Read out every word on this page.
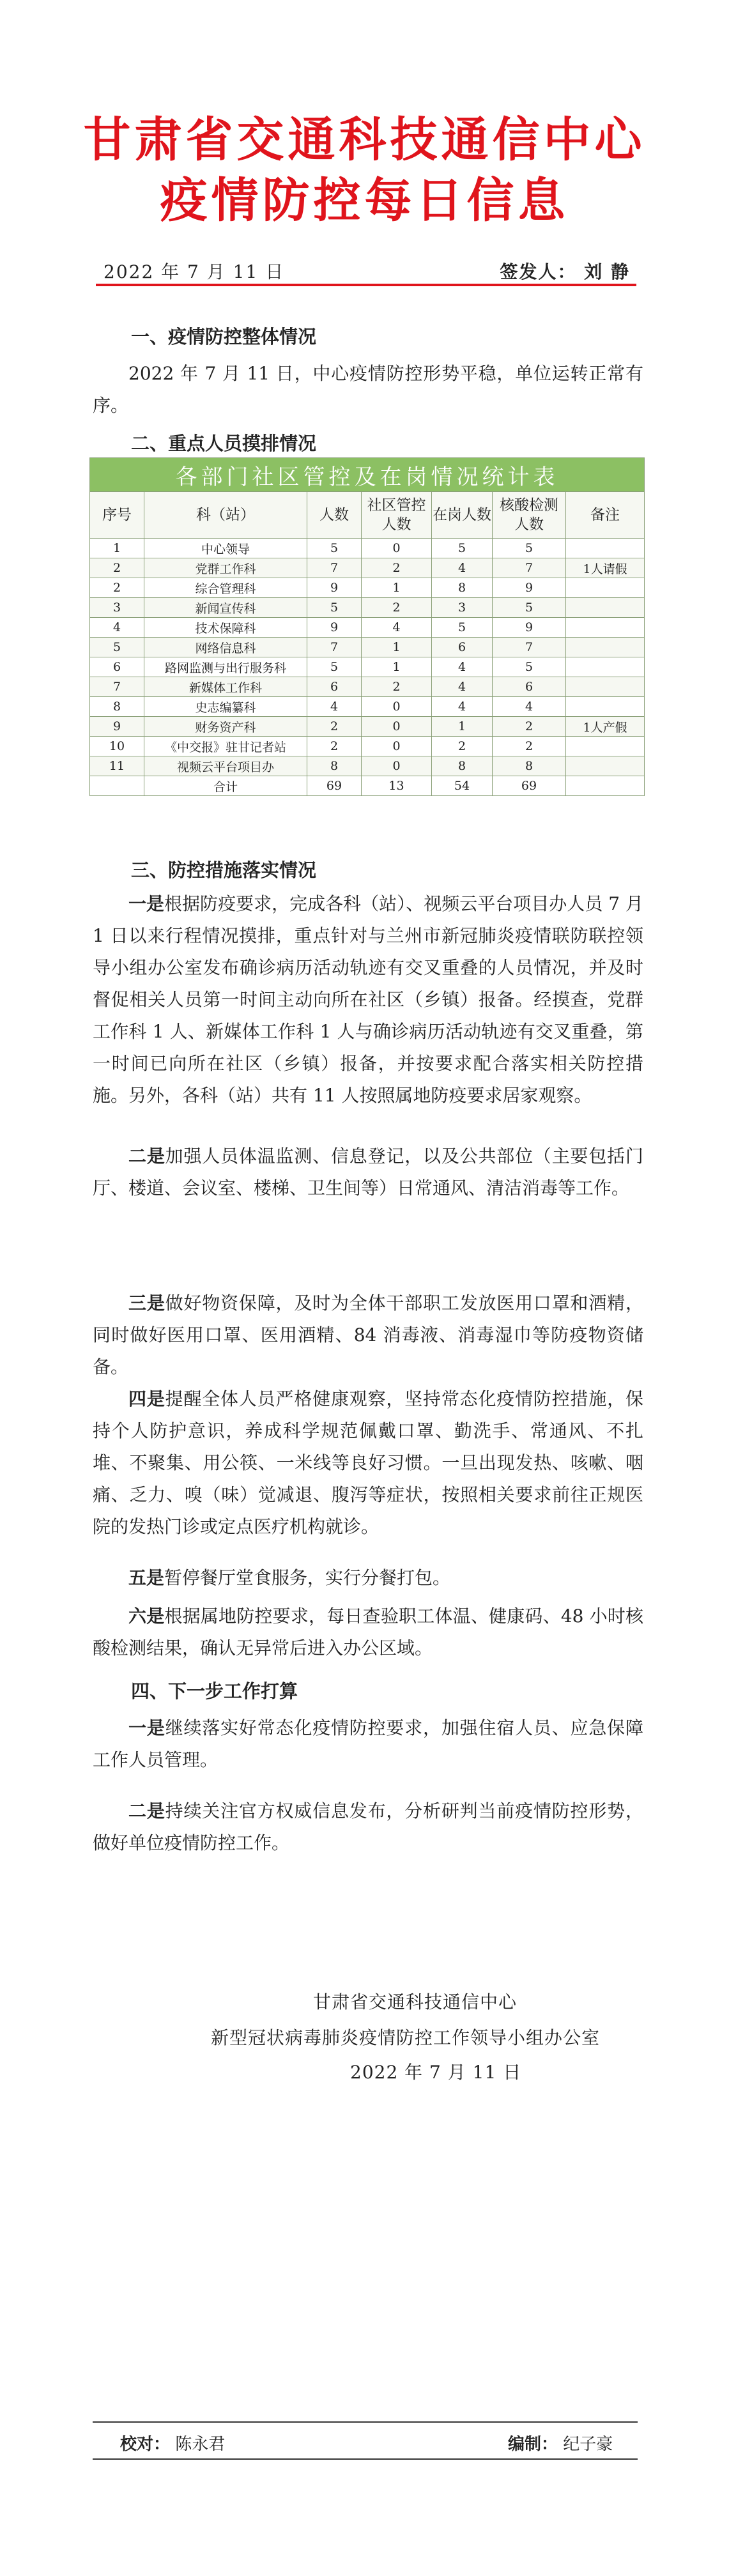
甘肃省交通科技通信中心
疫情防控每日信息
2022 年 7 月 11 日	签发人： 刘 静
一、疫情防控整体情况

2022 年 7 月 11 日，中心疫情防控形势平稳，单位运转正常有序。

二、重点人员摸排情况
各部门社区管控及在岗情况统计表						
序号	科（站）	人数	社区管控人数	在岗人数	核酸检测人数	备注
1	中心领导	5	0	5	5	
2	党群工作科	7	2	4	7	1人请假
2	综合管理科	9	1	8	9	
3	新闻宣传科	5	2	3	5	
4	技术保障科	9	4	5	9	
5	网络信息科	7	1	6	7	
6	路网监测与出行服务科	5	1	4	5	
7	新媒体工作科	6	2	4	6	
8	史志编纂科	4	0	4	4	
9	财务资产科	2	0	1	2	1人产假
10	《中交报》驻甘记者站	2	0	2	2	
11	视频云平台项目办	8	0	8	8	
	合计	69	13	54	69	
三、防控措施落实情况

一是根据防疫要求，完成各科（站）、视频云平台项目办人员 7 月 1 日以来行程情况摸排，重点针对与兰州市新冠肺炎疫情联防联控领导小组办公室发布确诊病历活动轨迹有交叉重叠的人员情况，并及时督促相关人员第一时间主动向所在社区（乡镇）报备。经摸查，党群工作科 1 人、新媒体工作科 1 人与确诊病历活动轨迹有交叉重叠，第一时间已向所在社区（乡镇）报备，并按要求配合落实相关防控措施。另外，各科（站）共有 11 人按照属地防疫要求居家观察。

二是加强人员体温监测、信息登记，以及公共部位（主要包括门厅、楼道、会议室、楼梯、卫生间等）日常通风、清洁消毒等工作。

三是做好物资保障，及时为全体干部职工发放医用口罩和酒精，同时做好医用口罩、医用酒精、84 消毒液、消毒湿巾等防疫物资储备。

四是提醒全体人员严格健康观察，坚持常态化疫情防控措施，保持个人防护意识，养成科学规范佩戴口罩、勤洗手、常通风、不扎堆、不聚集、用公筷、一米线等良好习惯。一旦出现发热、咳嗽、咽痛、乏力、嗅（味）觉减退、腹泻等症状，按照相关要求前往正规医院的发热门诊或定点医疗机构就诊。

五是暂停餐厅堂食服务，实行分餐打包。

六是根据属地防控要求，每日查验职工体温、健康码、48 小时核酸检测结果，确认无异常后进入办公区域。

四、下一步工作打算

一是继续落实好常态化疫情防控要求，加强住宿人员、应急保障工作人员管理。

二是持续关注官方权威信息发布，分析研判当前疫情防控形势，做好单位疫情防控工作。

甘肃省交通科技通信中心
新型冠状病毒肺炎疫情防控工作领导小组办公室
2022 年 7 月 11 日
校对： 陈永君	编制： 纪子豪
